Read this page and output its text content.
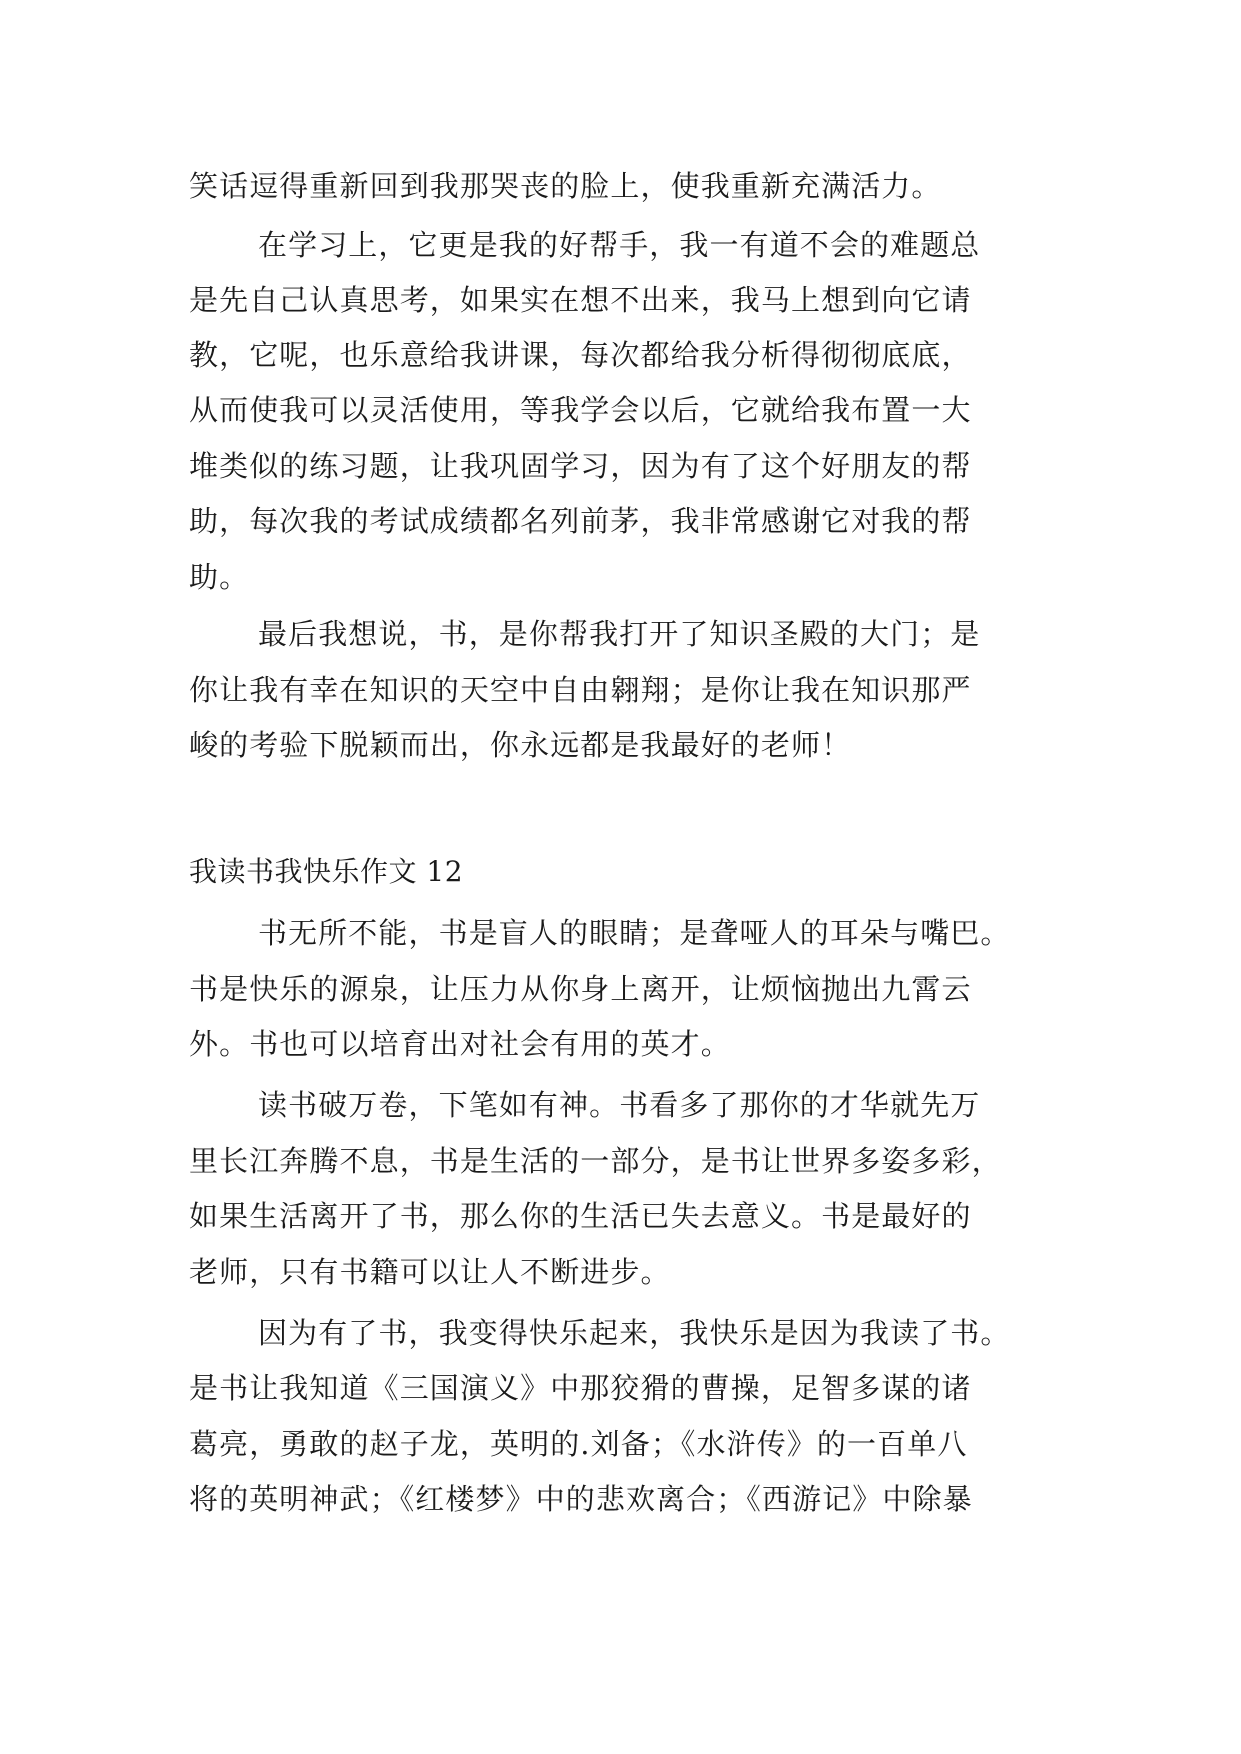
笑话逗得重新回到我那哭丧的脸上，使我重新充满活力。
在学习上，它更是我的好帮手，我一有道不会的难题总
是先自己认真思考，如果实在想不出来，我马上想到向它请
教，它呢，也乐意给我讲课，每次都给我分析得彻彻底底，
从而使我可以灵活使用，等我学会以后，它就给我布置一大
堆类似的练习题，让我巩固学习，因为有了这个好朋友的帮
助，每次我的考试成绩都名列前茅，我非常感谢它对我的帮
助。
最后我想说，书，是你帮我打开了知识圣殿的大门；是
你让我有幸在知识的天空中自由翱翔；是你让我在知识那严
峻的考验下脱颖而出，你永远都是我最好的老师！
我读书我快乐作文 12
书无所不能，书是盲人的眼睛；是聋哑人的耳朵与嘴巴。
书是快乐的源泉，让压力从你身上离开，让烦恼抛出九霄云
外。书也可以培育出对社会有用的英才。
读书破万卷，下笔如有神。书看多了那你的才华就先万
里长江奔腾不息，书是生活的一部分，是书让世界多姿多彩，
如果生活离开了书，那么你的生活已失去意义。书是最好的
老师，只有书籍可以让人不断进步。
因为有了书，我变得快乐起来，我快乐是因为我读了书。
是书让我知道《三国演义》中那狡猾的曹操，足智多谋的诸
葛亮，勇敢的赵子龙，英明的.刘备；《水浒传》的一百单八
将的英明神武；《红楼梦》中的悲欢离合；《西游记》中除暴
